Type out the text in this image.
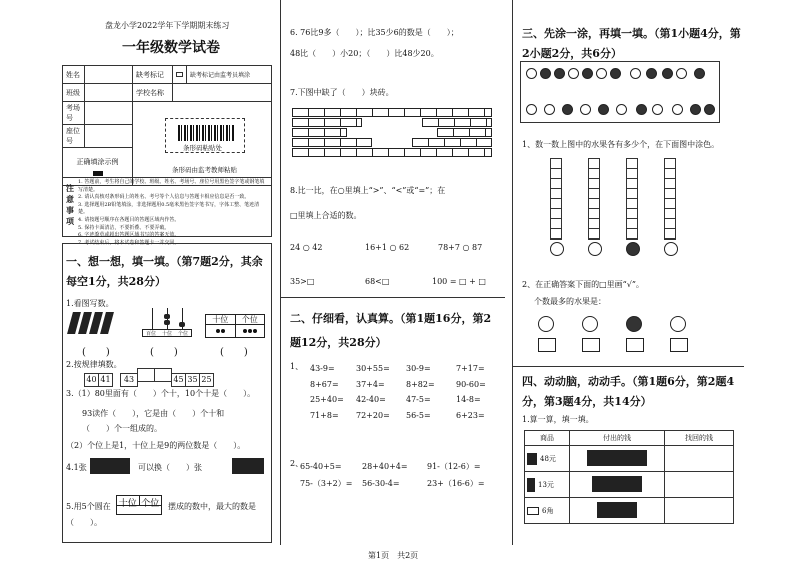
盘龙小学2022学年下学期期末练习
一年级数学试卷
姓名		缺考标记		缺考标记由监考员填涂
班级		学校名称		
考场号				
座位号				

正确填涂示例				
条形码粘贴处
条形码由监考教师粘贴
注意事项
1. 答题前，考生将自己的学校、班级、姓名、考场号、座位号用黑色签字笔或钢笔填写清楚。
2. 请认真核对条形码上的姓名、考号等个人信息与答题卡相应信息是否一致。
3. 选择题用2B铅笔填涂，非选择题用0.5毫米黑色签字笔书写，字体工整、笔迹清楚。
4. 请按题号顺序在各题目的答题区域内作答。
5. 保持卡面清洁，不要折叠、不要弄破。
6. 字迹潦草或超出答题区域书写的答案无效。
7. 考试结束后，将本试卷和答题卡一并交回。
一、想一想，填一填。（第7题2分，其余每空1分，共28分）
1.看图写数。
百位 十位 个位
十位	个位
(　　)	(　　)	(　　)
2.按规律填数。
40 41 43	45 35 25
3.（1）80里面有（　　）个十，10个十是（　　）。
93读作（　　），它是由（　　）个十和
（　　）个一组成的。
（2）个位上是1，十位上是9的两位数是（　　）。
4.1张	可以换（　　）张
5.用5个圆在 十位 个位 摆成的数中，最大的数是
（　　）。
6. 76比9多（　　）；比35少6的数是（　　）；
48比（　　）小20；（　　）比48少20。
7.下图中缺了（　　）块砖。
8.比一比，在○里填上“>”、“<”或“=”；在
□里填上合适的数。
24 ○ 42	16+1 ○ 62	78+7 ○ 87
35>□	68<□	100 = □ + □
二、仔细看，认真算。（第1题16分，第2题12分，共28分）
1、 43-9=	30+55=	30-9=	7+17=
8+67=	37+4=	8+82=	90-60=
25+40=	42-40=	47-5=	14-8=
71+8=	72+20=	56-5=	6+23=
2、
65-40+5=	28+40+4=	91-（12-6）=
75-（3+2）=	56-30-4=	23+（16-6）=
三、先涂一涂，再填一填。（第1小题4分，第2小题2分，共6分）
1、数一数上图中的水果各有多少个，在下面图中涂色。
2、在正确答案下面的□里画“√”。
个数最多的水果是：
四、动动脑，动动手。（第1题6分，第2题4分，第3题4分，共14分）
1.算一算，填一填。
商品	付出的钱	找回的钱
48元		
13元		
6角		
第1页　共2页
